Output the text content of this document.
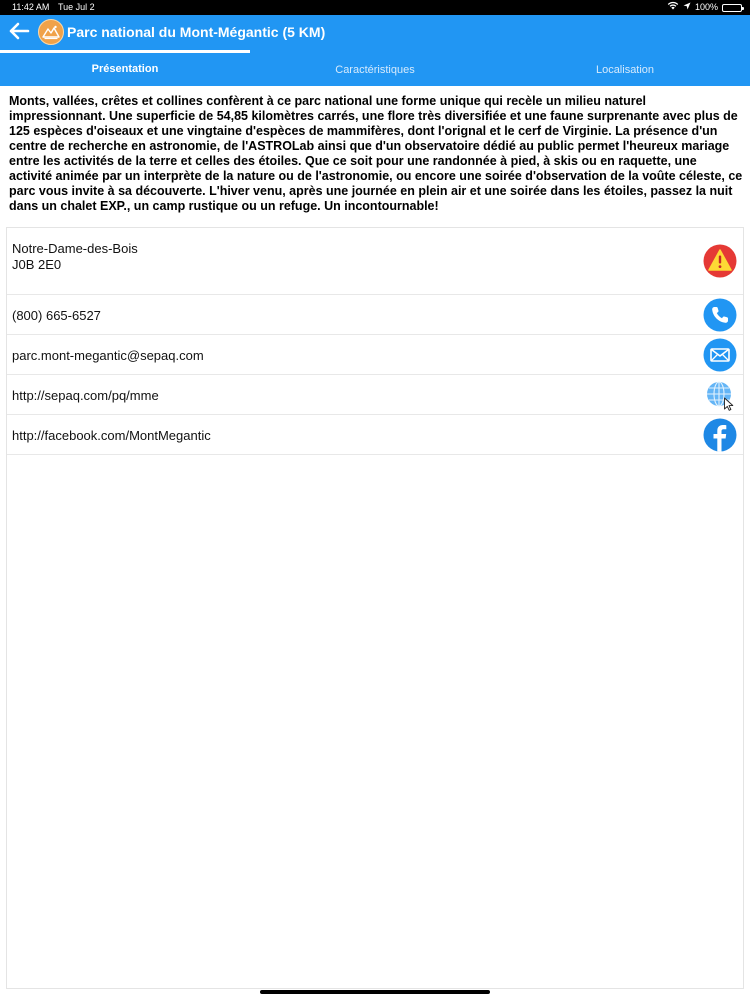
11:42 AM Tue Jul 2	100%
Parc national du Mont-Mégantic (5 KM)
Présentation	Caractéristiques	Localisation

Monts, vallées, crêtes et collines confèrent à ce parc national une forme unique qui recèle un milieu naturel impressionnant. Une superficie de 54,85 kilomètres carrés, une flore très diversifiée et une faune surprenante avec plus de 125 espèces d'oiseaux et une vingtaine d'espèces de mammifères, dont l'orignal et le cerf de Virginie. La présence d'un centre de recherche en astronomie, de l'ASTROLab ainsi que d'un observatoire dédié au public permet l'heureux mariage entre les activités de la terre et celles des étoiles. Que ce soit pour une randonnée à pied, à skis ou en raquette, une activité animée par un interprète de la nature ou de l'astronomie, ou encore une soirée d'observation de la voûte céleste, ce parc vous invite à sa découverte. L'hiver venu, après une journée en plein air et une soirée dans les étoiles, passez la nuit dans un chalet EXP., un camp rustique ou un refuge. Un incontournable!

Notre-Dame-des-Bois
J0B 2E0
(800) 665-6527
parc.mont-megantic@sepaq.com
http://sepaq.com/pq/mme
http://facebook.com/MontMegantic
